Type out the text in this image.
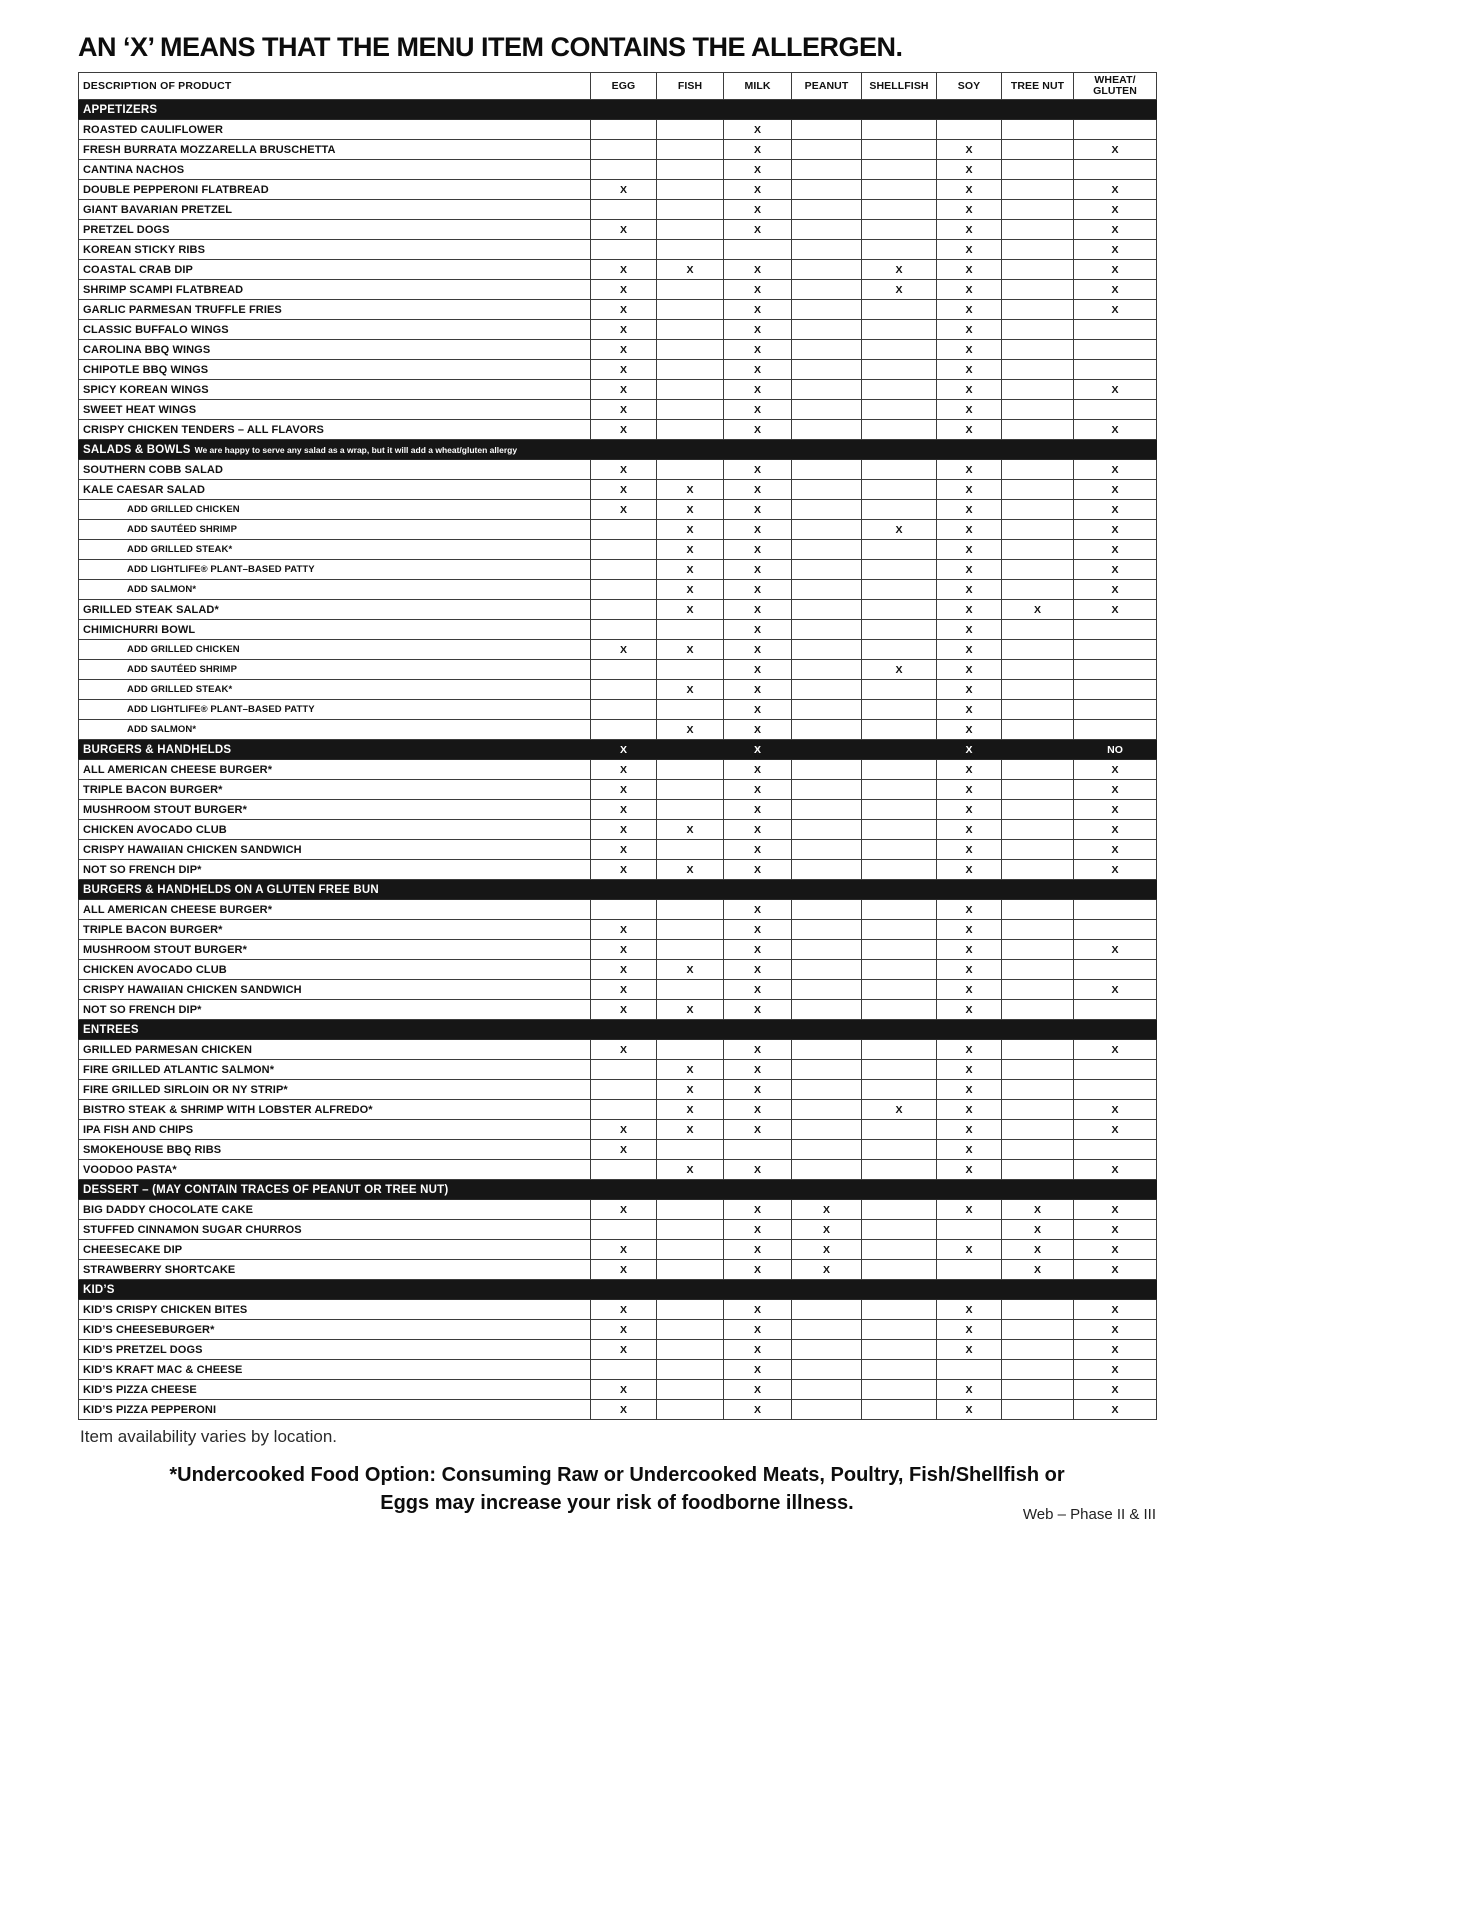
AN ‘X’ MEANS THAT THE MENU ITEM CONTAINS THE ALLERGEN.
DESCRIPTION OF PRODUCT	EGG	FISH	MILK	PEANUT	SHELLFISH	SOY	TREE NUT	WHEAT/GLUTEN
APPETIZERS								
ROASTED CAULIFLOWER			X					
FRESH BURRATA MOZZARELLA BRUSCHETTA			X			X		X
CANTINA NACHOS			X			X		
DOUBLE PEPPERONI FLATBREAD	X		X			X		X
GIANT BAVARIAN PRETZEL			X			X		X
PRETZEL DOGS	X		X			X		X
KOREAN STICKY RIBS						X		X
COASTAL CRAB DIP	X	X	X		X	X		X
SHRIMP SCAMPI FLATBREAD	X		X		X	X		X
GARLIC PARMESAN TRUFFLE FRIES	X		X			X		X
CLASSIC BUFFALO WINGS	X		X			X		
CAROLINA BBQ WINGS	X		X			X		
CHIPOTLE BBQ WINGS	X		X			X		
SPICY KOREAN WINGS	X		X			X		X
SWEET HEAT WINGS	X		X			X		
CRISPY CHICKEN TENDERS – ALL FLAVORS	X		X			X		X
SALADS & BOWLS We are happy to serve any salad as a wrap, but it will add a wheat/gluten allergy								
SOUTHERN COBB SALAD	X		X			X		X
KALE CAESAR SALAD	X	X	X			X		X
ADD GRILLED CHICKEN	X	X	X			X		X
ADD SAUTÉED SHRIMP		X	X		X	X		X
ADD GRILLED STEAK*		X	X			X		X
ADD LIGHTLIFE® PLANT–BASED PATTY		X	X			X		X
ADD SALMON*		X	X			X		X
GRILLED STEAK SALAD*		X	X			X	X	X
CHIMICHURRI BOWL			X			X		
ADD GRILLED CHICKEN	X	X	X			X		
ADD SAUTÉED SHRIMP			X		X	X		
ADD GRILLED STEAK*		X	X			X		
ADD LIGHTLIFE® PLANT–BASED PATTY			X			X		
ADD SALMON*		X	X			X		
BURGERS & HANDHELDS	X		X			X		NO
ALL AMERICAN CHEESE BURGER*	X		X			X		X
TRIPLE BACON BURGER*	X		X			X		X
MUSHROOM STOUT BURGER*	X		X			X		X
CHICKEN AVOCADO CLUB	X	X	X			X		X
CRISPY HAWAIIAN CHICKEN SANDWICH	X		X			X		X
NOT SO FRENCH DIP*	X	X	X			X		X
BURGERS & HANDHELDS ON A GLUTEN FREE BUN								
ALL AMERICAN CHEESE BURGER*			X			X		
TRIPLE BACON BURGER*	X		X			X		
MUSHROOM STOUT BURGER*	X		X			X		X
CHICKEN AVOCADO CLUB	X	X	X			X		
CRISPY HAWAIIAN CHICKEN SANDWICH	X		X			X		X
NOT SO FRENCH DIP*	X	X	X			X		
ENTREES								
GRILLED PARMESAN CHICKEN	X		X			X		X
FIRE GRILLED ATLANTIC SALMON*		X	X			X		
FIRE GRILLED SIRLOIN OR NY STRIP*		X	X			X		
BISTRO STEAK & SHRIMP WITH LOBSTER ALFREDO*		X	X		X	X		X
IPA FISH AND CHIPS	X	X	X			X		X
SMOKEHOUSE BBQ RIBS	X					X		
VOODOO PASTA*		X	X			X		X
DESSERT – (MAY CONTAIN TRACES OF PEANUT OR TREE NUT)								
BIG DADDY CHOCOLATE CAKE	X		X	X		X	X	X
STUFFED CINNAMON SUGAR CHURROS			X	X			X	X
CHEESECAKE DIP	X		X	X		X	X	X
STRAWBERRY SHORTCAKE	X		X	X			X	X
KID’S								
KID’S CRISPY CHICKEN BITES	X		X			X		X
KID’S CHEESEBURGER*	X		X			X		X
KID’S PRETZEL DOGS	X		X			X		X
KID’S KRAFT MAC & CHEESE			X					X
KID’S PIZZA CHEESE	X		X			X		X
KID’S PIZZA PEPPERONI	X		X			X		X
Item availability varies by location.
*Undercooked Food Option: Consuming Raw or Undercooked Meats, Poultry, Fish/Shellfish or
Eggs may increase your risk of foodborne illness.
Web – Phase II & III
